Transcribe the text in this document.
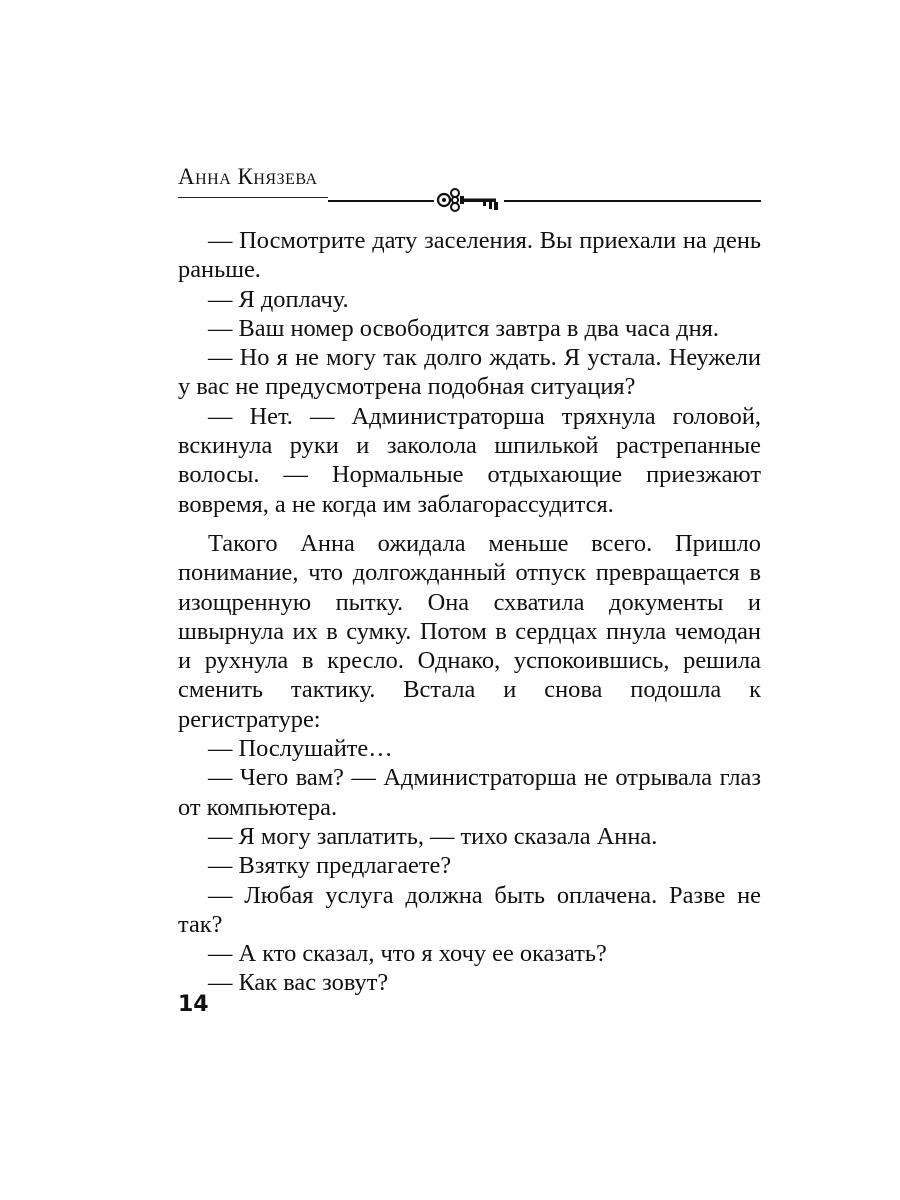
Анна Князева

— Посмотрите дату заселения. Вы приехали на день раньше.

— Я доплачу.

— Ваш номер освободится завтра в два часа дня.

— Но я не могу так долго ждать. Я устала. Неужели у вас не предусмотрена подобная ситуация?

— Нет. — Администраторша тряхнула головой, вскинула руки и заколола шпилькой растрепанные волосы. — Нормальные отдыхающие приезжают вовремя, а не когда им заблагорассудится.

Такого Анна ожидала меньше всего. Пришло понимание, что долгожданный отпуск превращается в изощренную пытку. Она схватила документы и швырнула их в сумку. Потом в сердцах пнула чемодан и рухнула в кресло. Однако, успокоившись, решила сменить тактику. Встала и снова подошла к регистратуре:

— Послушайте…

— Чего вам? — Администраторша не отрывала глаз от компьютера.

— Я могу заплатить, — тихо сказала Анна.

— Взятку предлагаете?

— Любая услуга должна быть оплачена. Разве не так?

— А кто сказал, что я хочу ее оказать?

— Как вас зовут?

14
